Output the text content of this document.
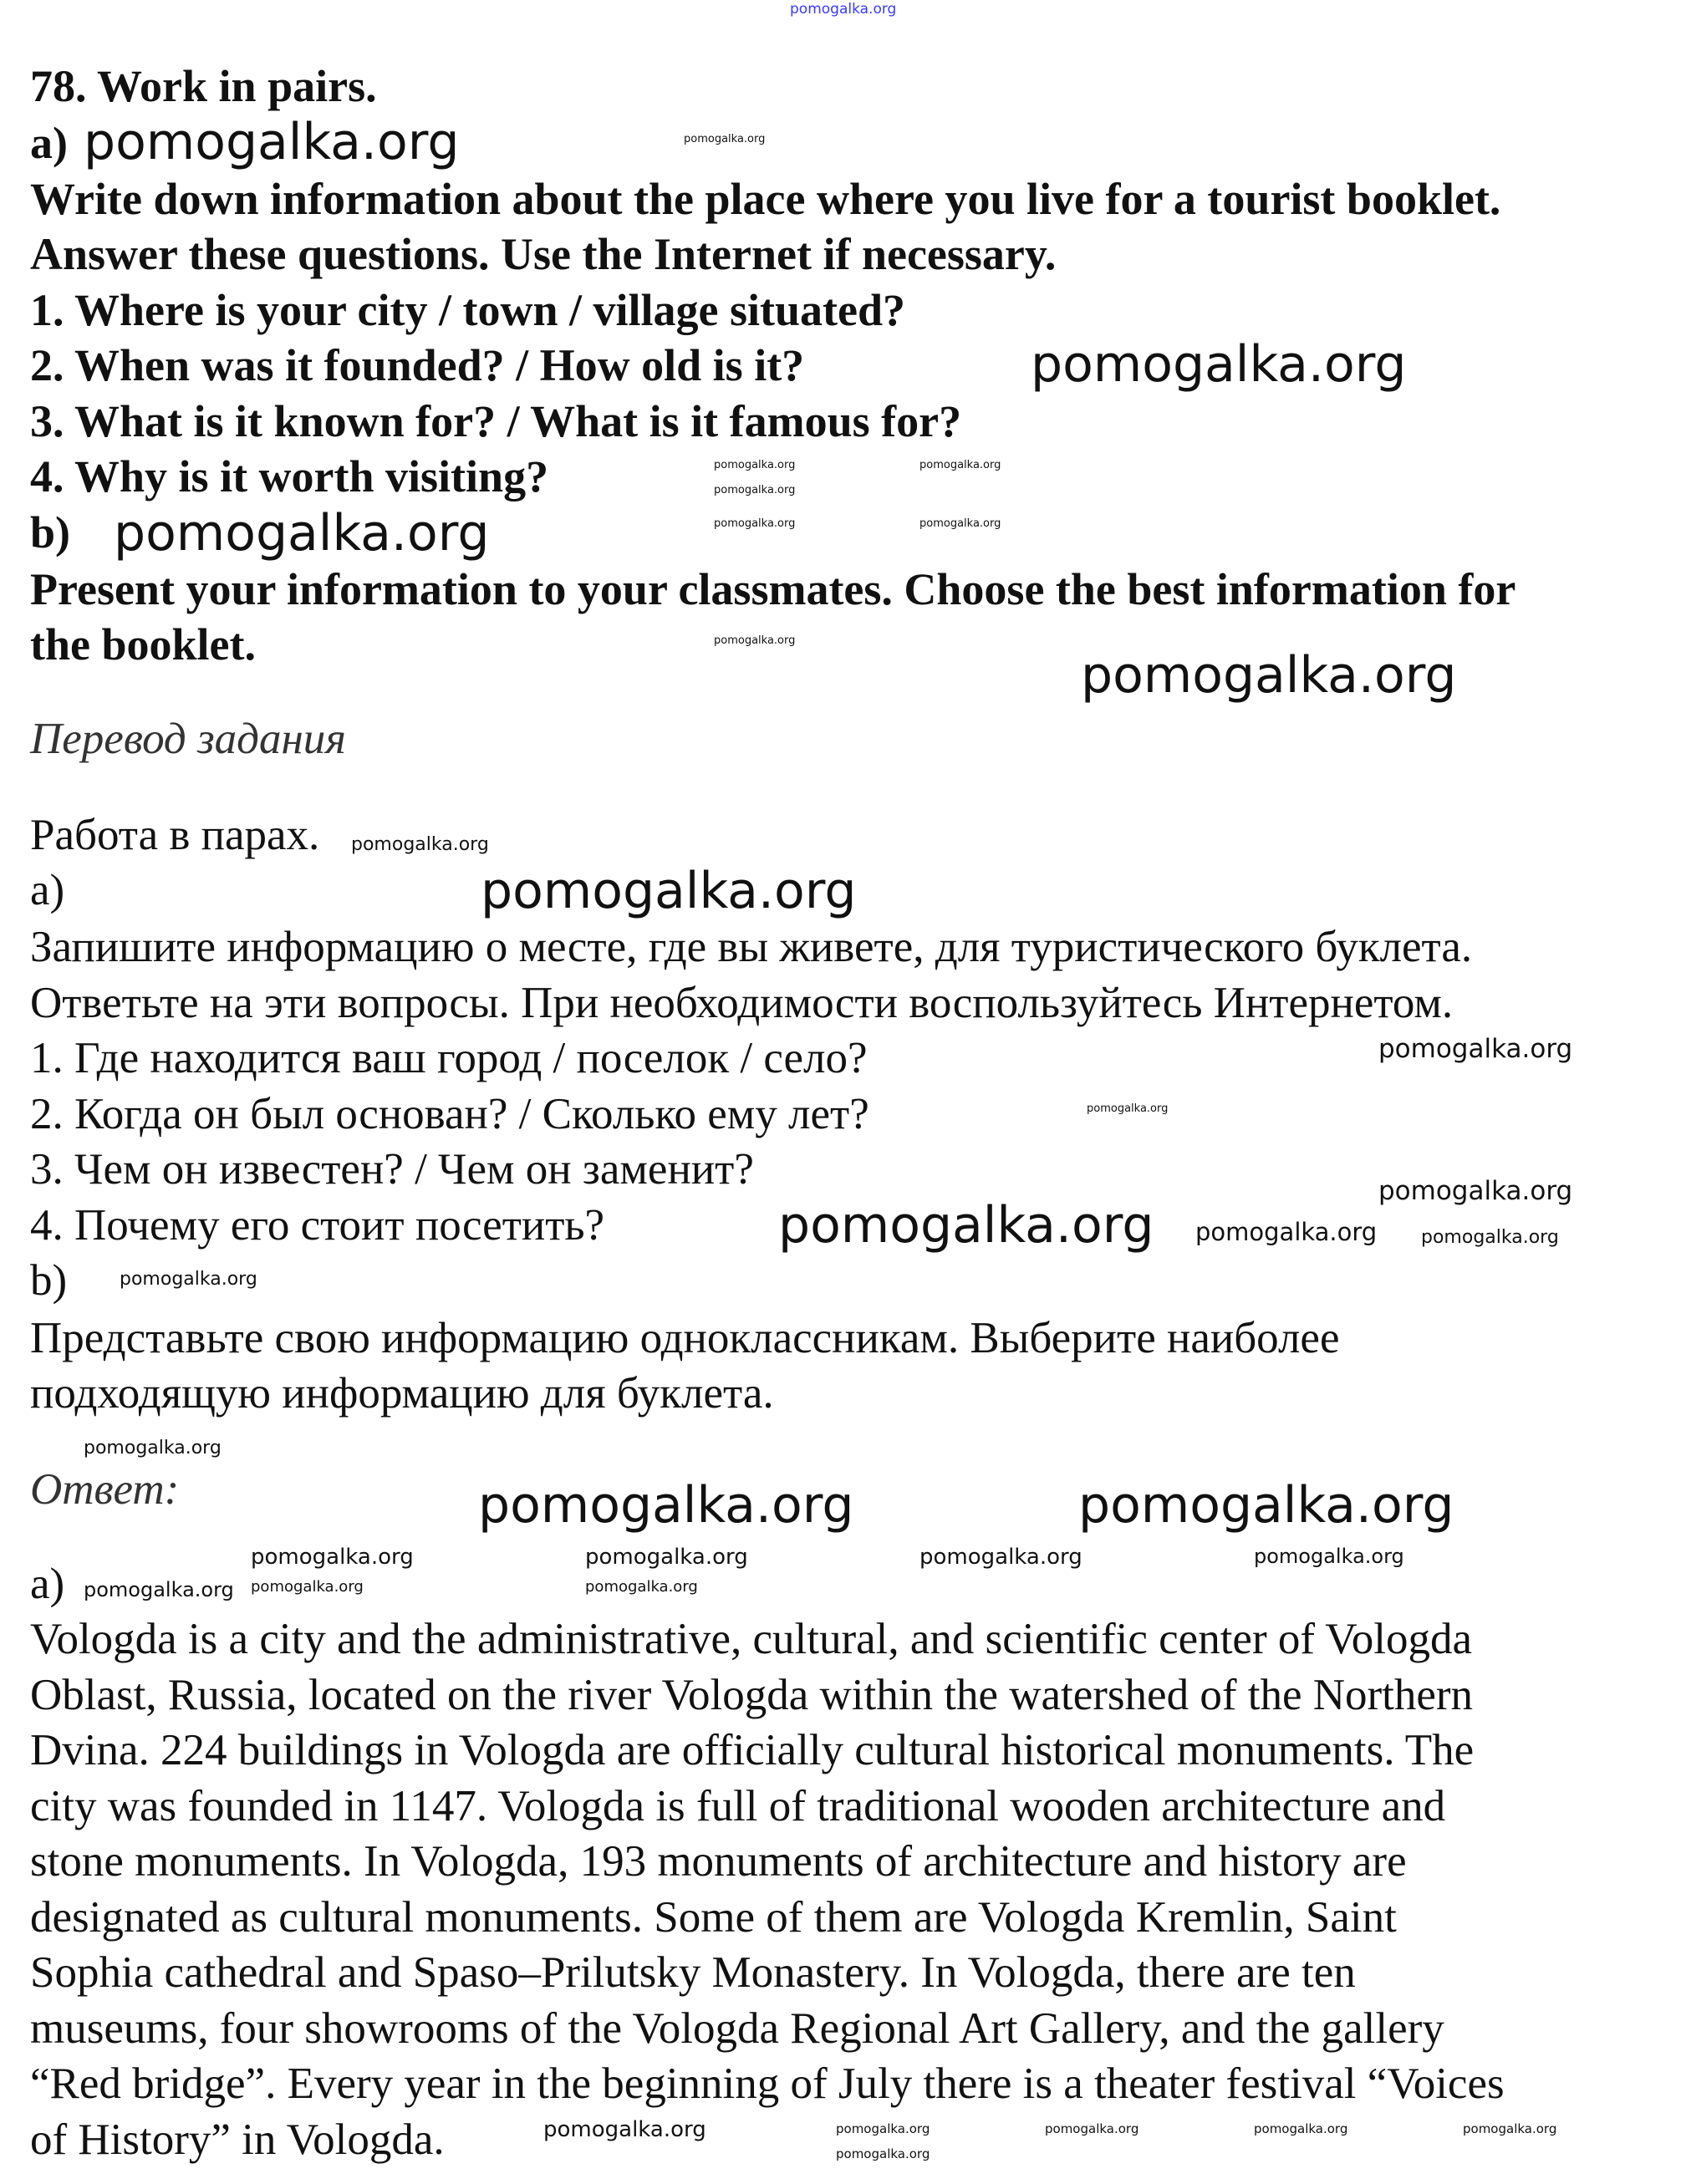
78. Work in pairs.
a)
Write down information about the place where you live for a tourist booklet.
Answer these questions. Use the Internet if necessary.
1. Where is your city / town / village situated?
2. When was it founded? / How old is it?
3. What is it known for? / What is it famous for?
4. Why is it worth visiting?
b)
Present your information to your classmates. Choose the best information for
the booklet.
Перевод задания
Работа в парах.
а)
Запишите информацию о месте, где вы живете, для туристического буклета.
Ответьте на эти вопросы. При необходимости воспользуйтесь Интернетом.
1. Где находится ваш город / поселок / село?
2. Когда он был основан? / Сколько ему лет?
3. Чем он известен? / Чем он заменит?
4. Почему его стоит посетить?
b)
Представьте свою информацию одноклассникам. Выберите наиболее
подходящую информацию для буклета.
Ответ:
a)
Vologda is a city and the administrative, cultural, and scientific center of Vologda
Oblast, Russia, located on the river Vologda within the watershed of the Northern
Dvina. 224 buildings in Vologda are officially cultural historical monuments. The
city was founded in 1147. Vologda is full of traditional wooden architecture and
stone monuments. In Vologda, 193 monuments of architecture and history are
designated as cultural monuments. Some of them are Vologda Kremlin, Saint
Sophia cathedral and Spaso–Prilutsky Monastery. In Vologda, there are ten
museums, four showrooms of the Vologda Regional Art Gallery, and the gallery
“Red bridge”. Every year in the beginning of July there is a theater festival “Voices
of History” in Vologda.
pomogalka.org
pomogalka.org
pomogalka.org
pomogalka.org
pomogalka.org
pomogalka.org
pomogalka.org
pomogalka.org	pomogalka.org
pomogalka.org
pomogalka.org
pomogalka.org
pomogalka.org
pomogalka.org
pomogalka.org
pomogalka.org
pomogalka.org
pomogalka.org	pomogalka.org	pomogalka.org	pomogalka.org
pomogalka.org
pomogalka.org
pomogalka.org
pomogalka.org
pomogalka.org
pomogalka.org	pomogalka.org
pomogalka.org
pomogalka.org
pomogalka.org	pomogalka.org
pomogalka.org	pomogalka.org	pomogalka.org	pomogalka.org
pomogalka.org
